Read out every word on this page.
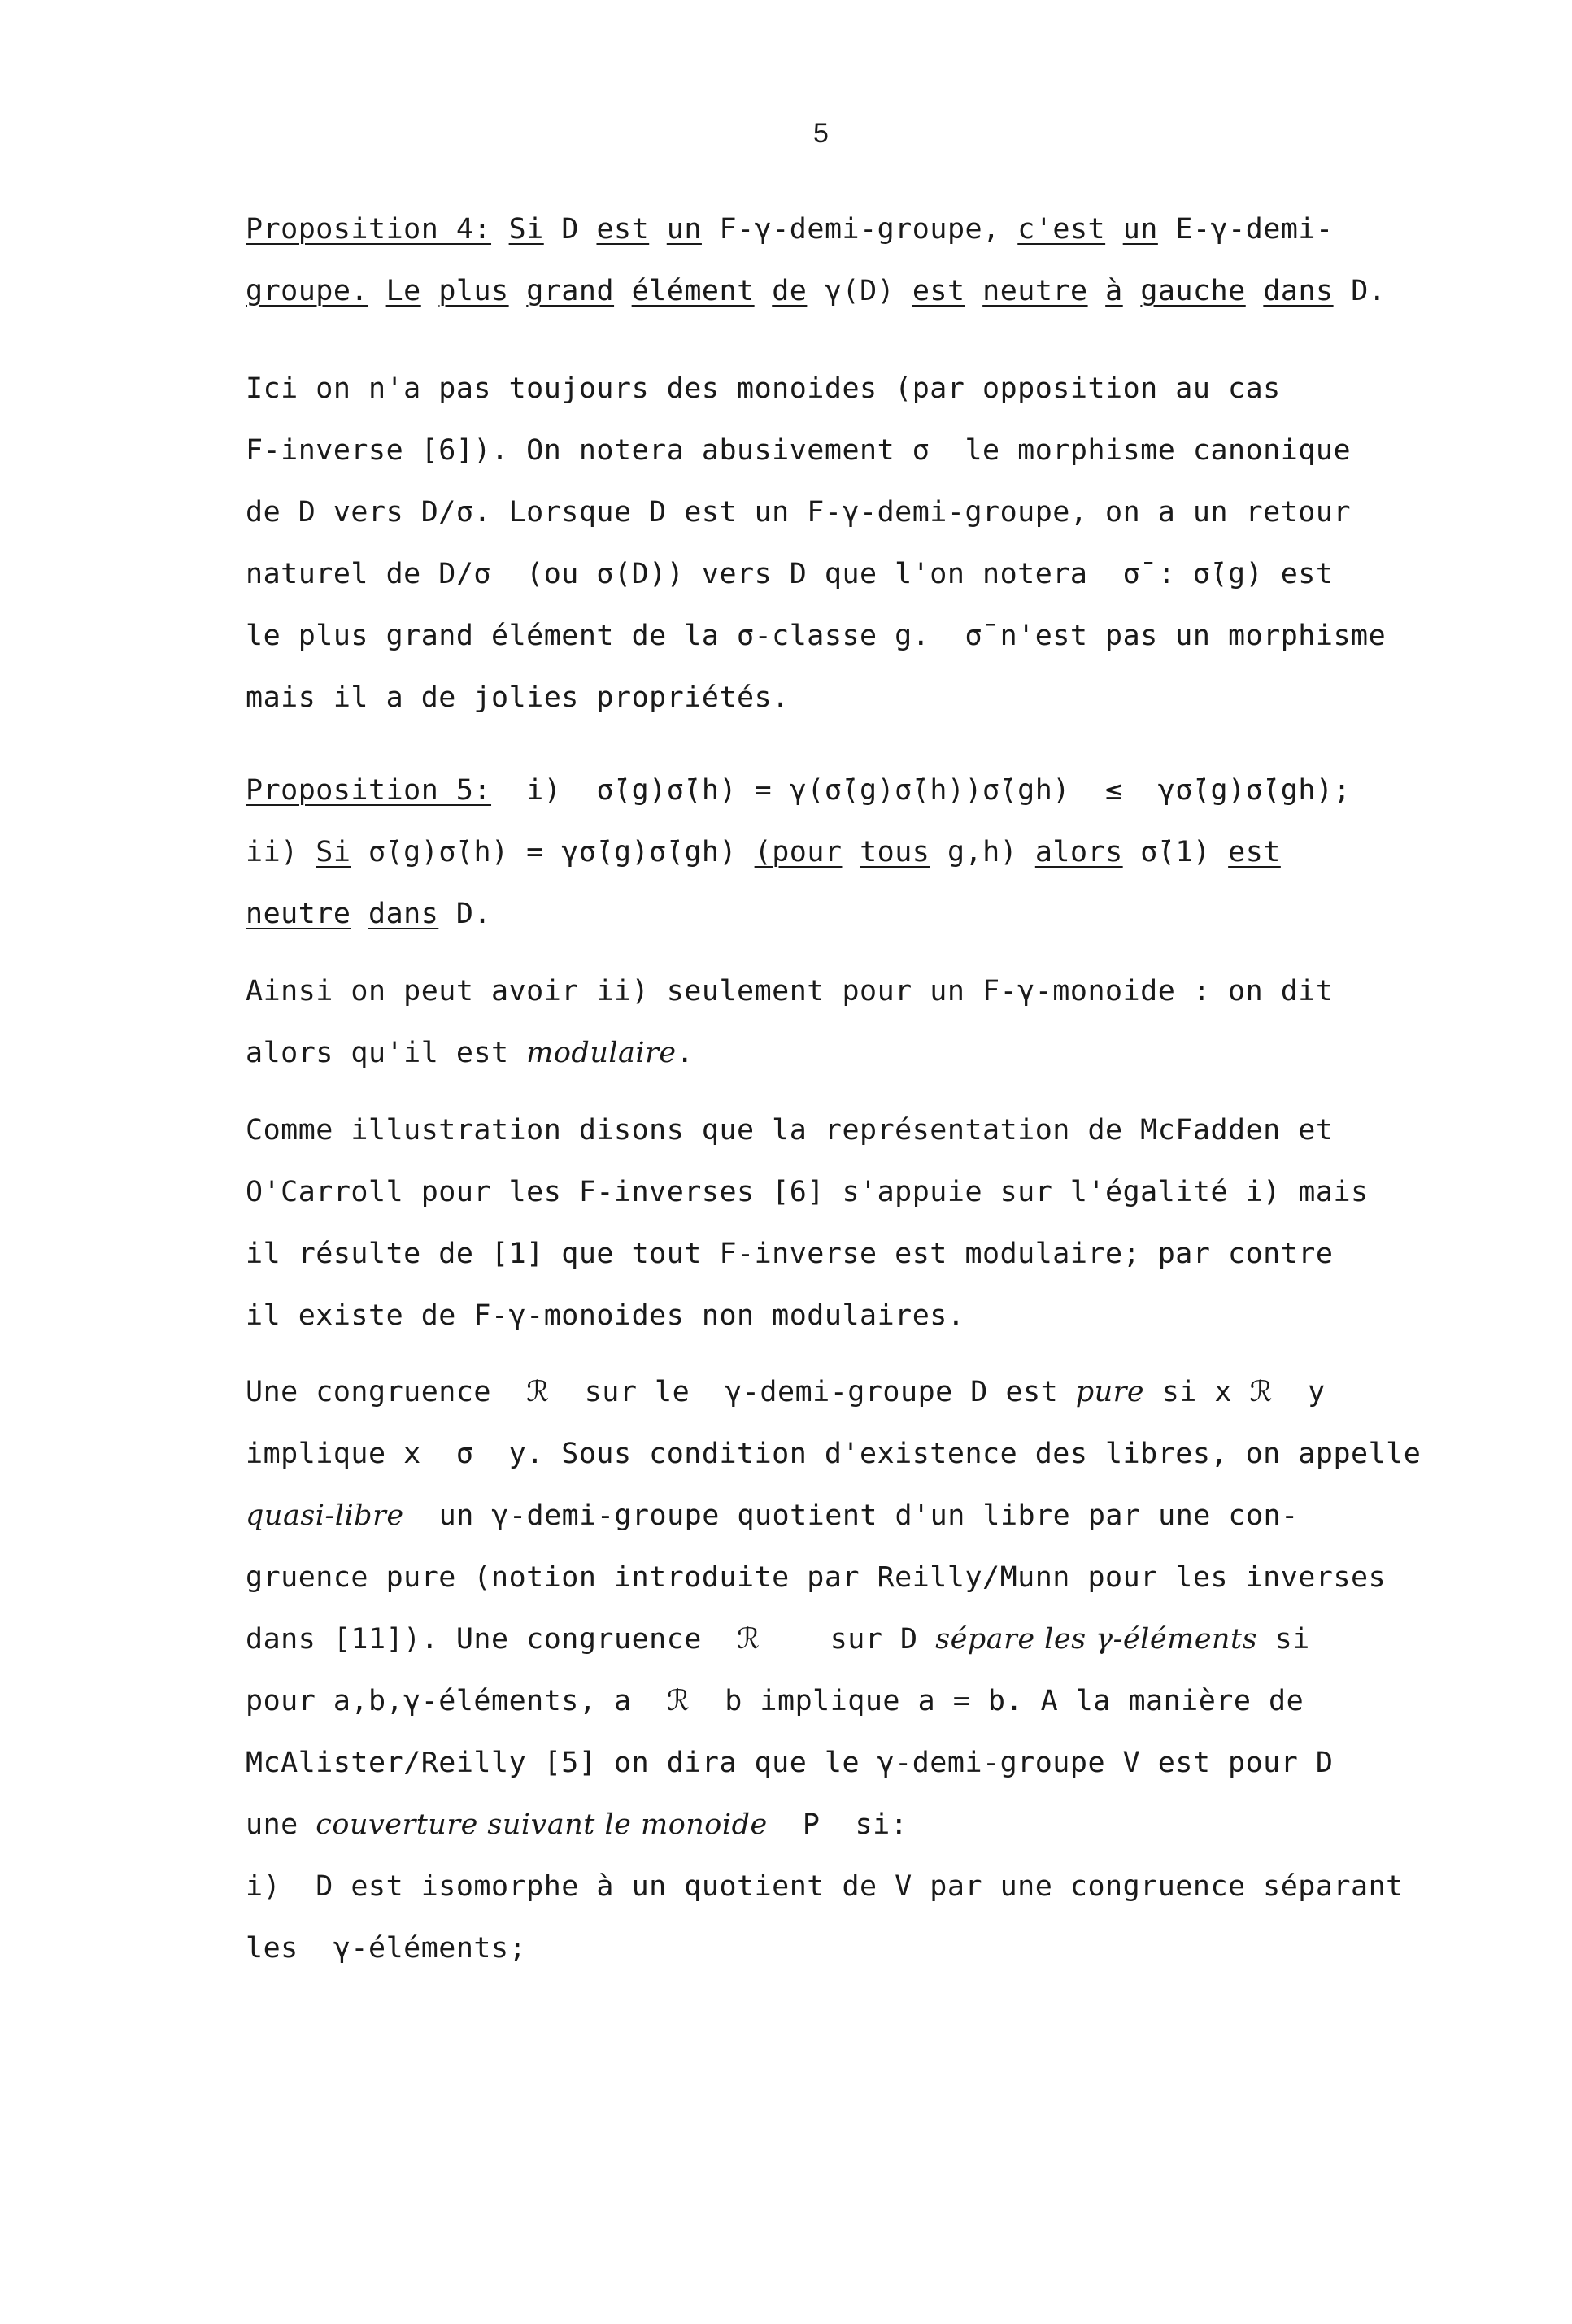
5
Proposition 4: Si D est un F-γ-demi-groupe, c'est un E-γ-demi-
groupe. Le plus grand élément de γ(D) est neutre à gauche dans D.
Ici on n'a pas toujours des monoides (par opposition au cas
F-inverse [6]). On notera abusivement σ  le morphisme canonique
de D vers D/σ. Lorsque D est un F-γ-demi-groupe, on a un retour
naturel de D/σ  (ou σ(D)) vers D que l'on notera  σ̄ : σ̄(g) est
le plus grand élément de la σ-classe g.  σ̄ n'est pas un morphisme
mais il a de jolies propriétés.
Proposition 5: i)  σ̄(g)σ̄(h) = γ(σ̄(g)σ̄(h))σ̄(gh)  ≤  γσ̄(g)σ̄(gh);
ii) Si σ̄(g)σ̄(h) = γσ̄(g)σ̄(gh) (pour tous g,h) alors σ̄(1) est
neutre dans D.
Ainsi on peut avoir ii) seulement pour un F-γ-monoide : on dit
alors qu'il est modulaire.
Comme illustration disons que la représentation de McFadden et
O'Carroll pour les F-inverses [6] s'appuie sur l'égalité i) mais
il résulte de [1] que tout F-inverse est modulaire; par contre
il existe de F-γ-monoides non modulaires.
Une congruence  ℛ  sur le  γ-demi-groupe D est pure si x ℛ  y
implique x  σ  y. Sous condition d'existence des libres, on appelle
quasi-libre  un γ-demi-groupe quotient d'un libre par une con-
gruence pure (notion introduite par Reilly/Munn pour les inverses
dans [11]). Une congruence  ℛ    sur D sépare les γ-éléments si
pour a,b,γ-éléments, a  ℛ  b implique a = b. A la manière de
McAlister/Reilly [5] on dira que le γ-demi-groupe V est pour D
une couverture suivant le monoide  P  si:
i)  D est isomorphe à un quotient de V par une congruence séparant
les  γ-éléments;
